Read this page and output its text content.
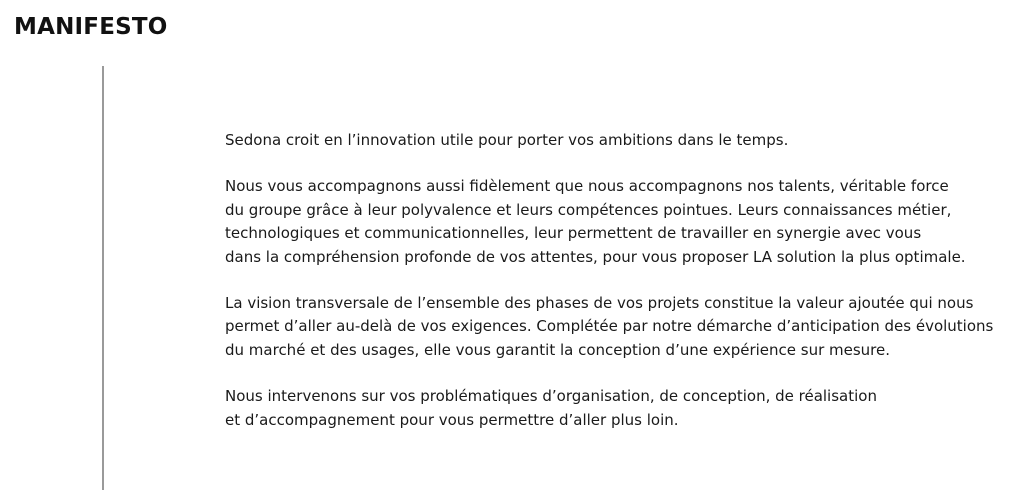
MANIFESTO

Sedona croit en l’innovation utile pour porter vos ambitions dans le temps.

Nous vous accompagnons aussi fidèlement que nous accompagnons nos talents, véritable force
du groupe grâce à leur polyvalence et leurs compétences pointues. Leurs connaissances métier,
technologiques et communicationnelles, leur permettent de travailler en synergie avec vous
dans la compréhension profonde de vos attentes, pour vous proposer LA solution la plus optimale.

La vision transversale de l’ensemble des phases de vos projets constitue la valeur ajoutée qui nous
permet d’aller au-delà de vos exigences. Complétée par notre démarche d’anticipation des évolutions
du marché et des usages, elle vous garantit la conception d’une expérience sur mesure.

Nous intervenons sur vos problématiques d’organisation, de conception, de réalisation
et d’accompagnement pour vous permettre d’aller plus loin.
